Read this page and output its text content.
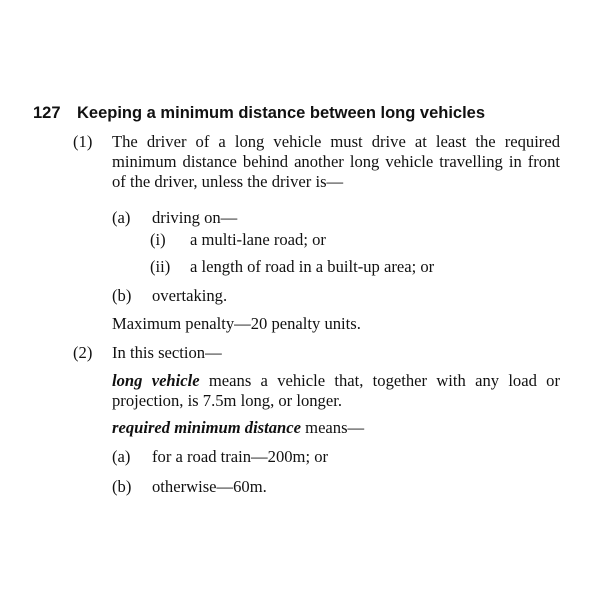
127 Keeping a minimum distance between long vehicles
(1) The driver of a long vehicle must drive at least the required minimum distance behind another long vehicle travelling in front of the driver, unless the driver is—
(a) driving on—
(i) a multi-lane road; or
(ii) a length of road in a built-up area; or
(b) overtaking.
Maximum penalty—20 penalty units.
(2) In this section—
long vehicle means a vehicle that, together with any load or projection, is 7.5m long, or longer.
required minimum distance means—
(a) for a road train—200m; or
(b) otherwise—60m.
